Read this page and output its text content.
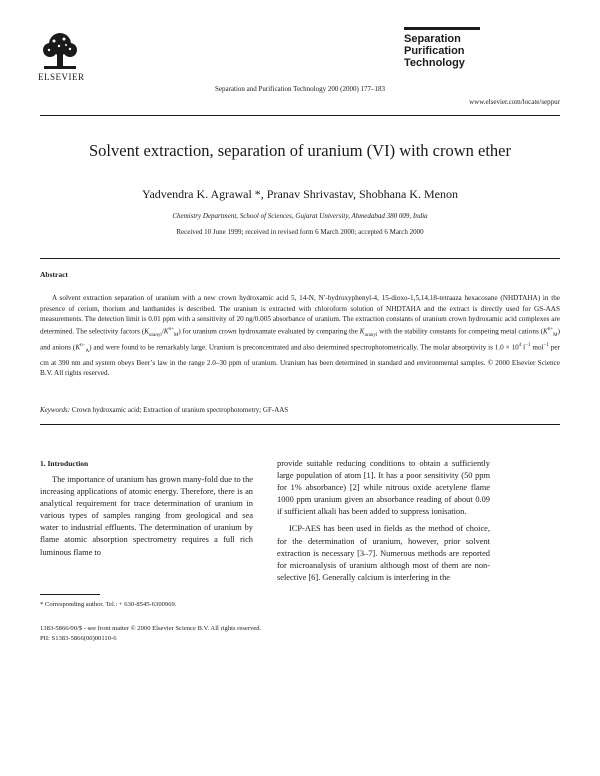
ELSEVIER
Separation and Purification Technology 200 (2000) 177–183
Separation
Purification
Technology
www.elsevier.com/locate/seppur
Solvent extraction, separation of uranium (VI) with crown ether
Yadvendra K. Agrawal *, Pranav Shrivastav, Shobhana K. Menon
Chemistry Department, School of Sciences, Gujarat University, Ahmedabad 380 009, India
Received 10 June 1999; received in revised form 6 March 2000; accepted 6 March 2000
Abstract
A solvent extraction separation of uranium with a new crown hydroxamic acid 5, 14-N, N′-hydroxyphenyl-4, 15-dioxo-1,5,14,18-tetraaza hexacosane (NHDTAHA) in the presence of cerium, thorium and lanthanides is described. The uranium is extracted with chloroform solution of NHDTAHA and the extract is directly used for GS-AAS measurements. The detection limit is 0.01 ppm with a sensitivity of 20 ng/0.005 absorbance of uranium. The extraction constants of uranium crown hydroxamic acid complexes are determined. The selectivity factors $(K_{uranyl}/K^{n+}_M)$ for uranium crown hydroxamate evaluated by comparing the $K_{uranyl}$ with the stability constants for competing metal cations $(K^{n+}_M)$ and anions $(K^{n-}_A)$ and were found to be remarkably large. Uranium is preconcentrated and also determined spectrophotometrically. The molar absorptivity is $1.0 \times 10^4$ $l^{-1}$ mol$^{-1}$ per cm at 390 nm and system obeys Beer’s law in the range 2.0–30 ppm of uranium. Uranium has been determined in standard and environmental samples. © 2000 Elsevier Science B.V. All rights reserved.
Keywords: Crown hydroxamic acid; Extraction of uranium spectrophotometry; GF-AAS
1. Introduction

The importance of uranium has grown many-fold due to the increasing applications of atomic energy. Therefore, there is an analytical requirement for trace determination of uranium in various types of samples ranging from geological and sea water to industrial effluents. The determination of uranium by flame atomic absorption spectrometry requires a full rich luminous flame to

provide suitable reducing conditions to obtain a sufficiently large population of atom [1]. It has a poor sensitivity (50 ppm for 1% absorbance) [2] while nitrous oxide acetylene flame 1000 ppm uranium given an absorbance reading of about 0.09 if sufficient alkali has been added to suppress ionisation.

ICP-AES has been used in fields as the method of choice, for the determination of uranium, however, prior solvent extraction is necessary [3–7]. Numerous methods are reported for microanalysis of uranium although most of them are non-selective [6]. Generally calcium is interfering in the

* Corresponding author. Tel.: + 630-8545-6300969.
1383-5866/00/$ - see front matter © 2000 Elsevier Science B.V. All rights reserved.
PII: S1383-5866(00)00110-6
